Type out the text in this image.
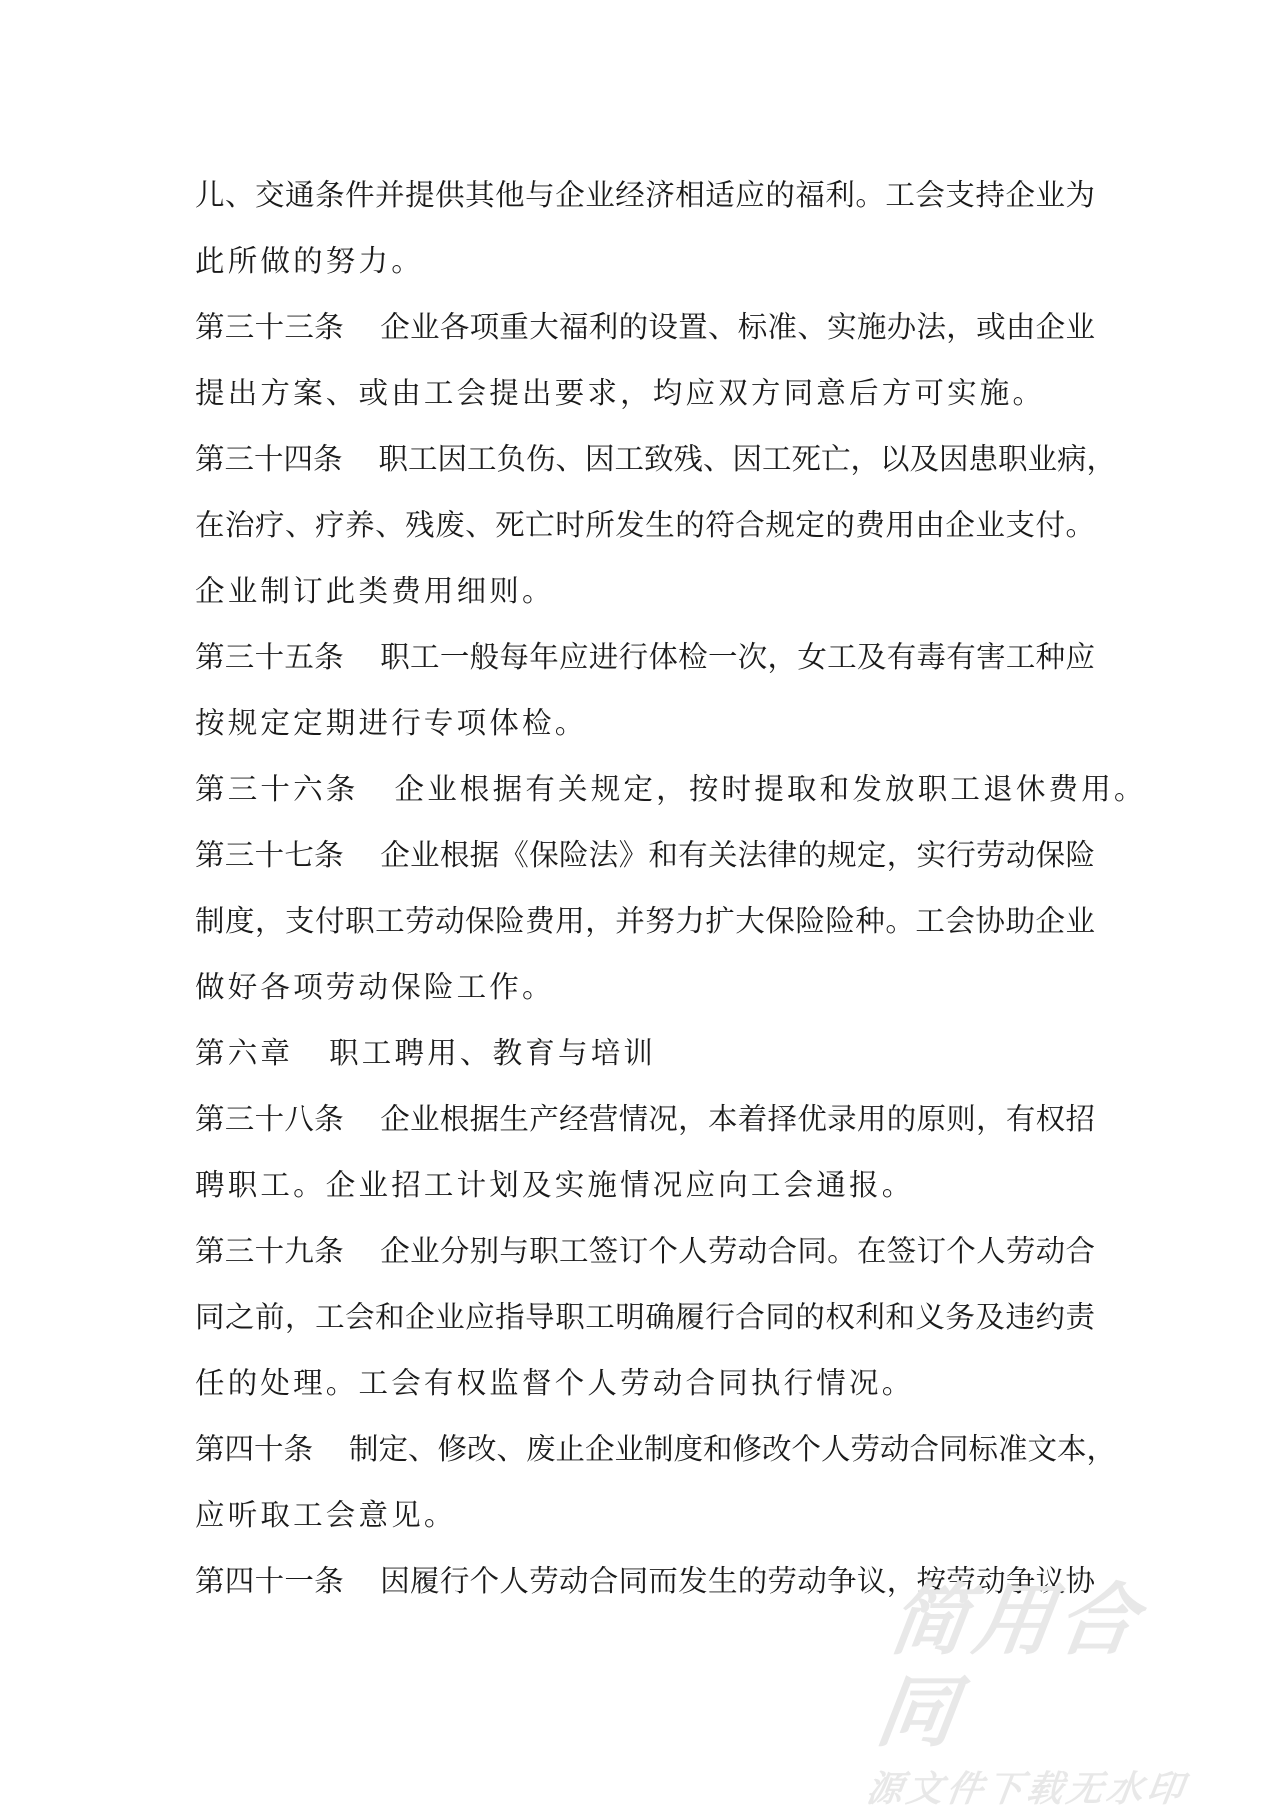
儿、交通条件并提供其他与企业经济相适应的福利。工会支持企业为
此所做的努力。
第三十三条 企业各项重大福利的设置、标准、实施办法，或由企业
提出方案、或由工会提出要求，均应双方同意后方可实施。
第三十四条 职工因工负伤、因工致残、因工死亡，以及因患职业病，
在治疗、疗养、残废、死亡时所发生的符合规定的费用由企业支付。
企业制订此类费用细则。
第三十五条 职工一般每年应进行体检一次，女工及有毒有害工种应
按规定定期进行专项体检。
第三十六条 企业根据有关规定，按时提取和发放职工退休费用。
第三十七条 企业根据《保险法》和有关法律的规定，实行劳动保险
制度，支付职工劳动保险费用，并努力扩大保险险种。工会协助企业
做好各项劳动保险工作。
第六章 职工聘用、教育与培训
第三十八条 企业根据生产经营情况，本着择优录用的原则，有权招
聘职工。企业招工计划及实施情况应向工会通报。
第三十九条 企业分别与职工签订个人劳动合同。在签订个人劳动合
同之前，工会和企业应指导职工明确履行合同的权利和义务及违约责
任的处理。工会有权监督个人劳动合同执行情况。
第四十条 制定、修改、废止企业制度和修改个人劳动合同标准文本，
应听取工会意见。
第四十一条 因履行个人劳动合同而发生的劳动争议，按劳动争议协
简用合同
源文件下载无水印
